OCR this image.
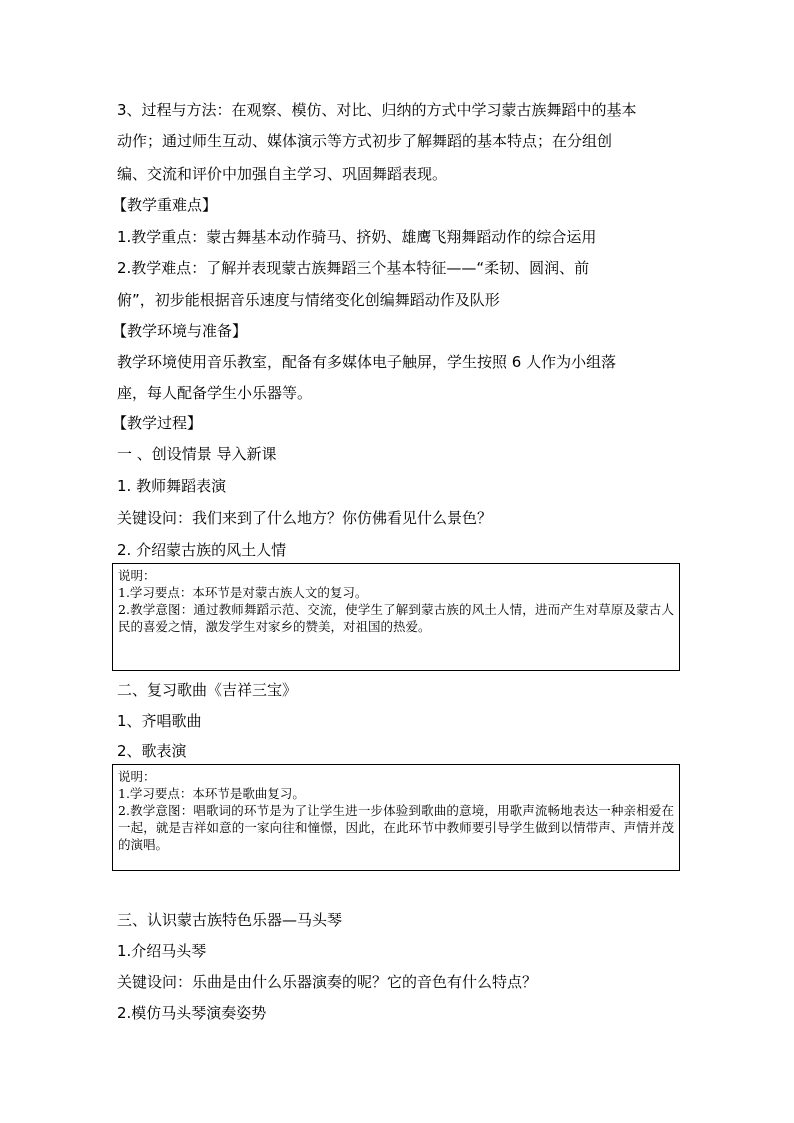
3、过程与方法：在观察、模仿、对比、归纳的方式中学习蒙古族舞蹈中的基本
动作；通过师生互动、媒体演示等方式初步了解舞蹈的基本特点；在分组创
编、交流和评价中加强自主学习、巩固舞蹈表现。
【教学重难点】
1.教学重点：蒙古舞基本动作骑马、挤奶、雄鹰飞翔舞蹈动作的综合运用
2.教学难点：了解并表现蒙古族舞蹈三个基本特征——“柔韧、圆润、前
俯”，初步能根据音乐速度与情绪变化创编舞蹈动作及队形
【教学环境与准备】
教学环境使用音乐教室，配备有多媒体电子触屏，学生按照 6 人作为小组落
座，每人配备学生小乐器等。
【教学过程】
一 、创设情景 导入新课
1. 教师舞蹈表演
关键设问：我们来到了什么地方？你仿佛看见什么景色？
2. 介绍蒙古族的风土人情
说明：
1.学习要点：本环节是对蒙古族人文的复习。
2.教学意图：通过教师舞蹈示范、交流，使学生了解到蒙古族的风土人情，进而产生对草原及蒙古人民的喜爱之情，激发学生对家乡的赞美，对祖国的热爱。
二、复习歌曲《吉祥三宝》
1、齐唱歌曲
2、歌表演
说明：
1.学习要点：本环节是歌曲复习。
2.教学意图：唱歌词的环节是为了让学生进一步体验到歌曲的意境，用歌声流畅地表达一种亲相爱在一起，就是吉祥如意的一家向往和憧憬，因此，在此环节中教师要引导学生做到以情带声、声情并茂的演唱。
三、认识蒙古族特色乐器—马头琴
1.介绍马头琴
关键设问：乐曲是由什么乐器演奏的呢？它的音色有什么特点？
2.模仿马头琴演奏姿势
